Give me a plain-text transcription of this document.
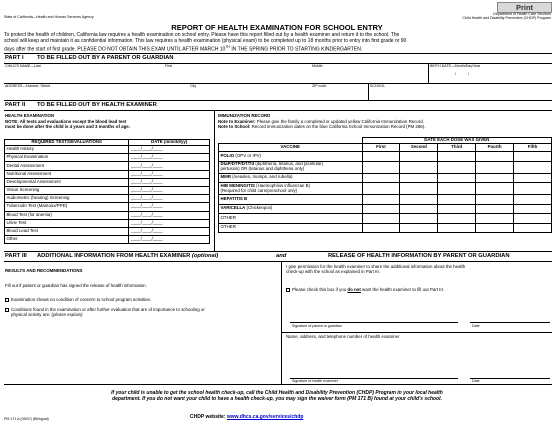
Print
State of California—Health and Human Services Agency
Department of Health Care Services
Child Health and Disability Prevention (CHDP) Program
REPORT OF HEALTH EXAMINATION FOR SCHOOL ENTRY
To protect the health of children, California law requires a health examination on school entry. Please have this report filled out by a health examiner and return it to the school. The
school will keep and maintain it as confidential information. This law requires a health examination (physical exam) to be completed up to 18 months prior to entry into first grade or 90
days after the start of first grade. PLEASE DO NOT OBTAIN THIS EXAM UNTIL AFTER MARCH 10TH IN THE SPRING PRIOR TO STARTING KINDERGARTEN.
PART I TO BE FILLED OUT BY A PARENT OR GUARDIAN
CHILD'S NAME—Last	First	Middle	BIRTH DATE—Month/Day/Year
/	/
ADDRESS—Number, Street	City	ZIP code	SCHOOL
PART II TO BE FILLED OUT BY HEALTH EXAMINER
HEALTH EXAMINATION
NOTE: All tests and evaluations except the blood lead test
must be done after the child is 4 years and 3 months of age.
REQUIRED TESTS/EVALUATIONS	DATE (mm/dd/yy)
Health History	____/____/____
Physical Examination	____/____/____
Dental Assessment	____/____/____
Nutritional Assessment	____/____/____
Developmental Assessment	____/____/____
Vision Screening	____/____/____
Audiometric (hearing) Screening	____/____/____
Tuberculin Test (Mantoux/PPD)	____/____/____
Blood Test (for anemia)	____/____/____
Urine Test	____/____/____
Blood Lead Test	____/____/____
Other	____/____/____
IMMUNIZATION RECORD
Note to Examiner: Please give the family a completed or updated yellow California Immunization Record.
Note to School: Record immunization dates on the blue California School Immunization Record (PM 286).
	DATE EACH DOSE WAS GIVEN				
VACCINE	First	Second	Third	Fourth	Fifth
POLIO (OPV or IPV)					
DtaP/DTP/DT/Td (diphtheria, tetanus, and [acellular]
pertussis) OR (tetanus and diphtheria only)					

MMR (measles, mumps, and rubella)					
HIB MENINGITIS (Haemophilus influenzae B)
(Required for child care/preschool only)					

HEPATITIS B					
VARICELLA (Chickenpox)					
OTHER					
OTHER					
PART III ADDITIONAL INFORMATION FROM HEALTH EXAMINER (optional)	and	RELEASE OF HEALTH INFORMATION BY PARENT OR GUARDIAN
RESULTS AND RECOMMENDATIONS
Fill out if patient or guardian has signed the release of health information.
Examination shows no condition of concern to school program activities.
Conditions found in the examination or after further evaluation that are of importance to schooling or
physical activity are: (please explain)
I give permission for the health examiner to share the additional information about the health
check-up with the school as explained in Part III.
Please check this box if you do not want the health examiner to fill out Part III.
Signature of parent or guardian	Date
Name, address, and telephone number of health examiner
Signature of health examiner	Date
If your child is unable to get the school health check-up, call the Child Health and Disability Prevention (CHDP) Program in your local health
department. If you do not want your child to have a health check-up, you may sign the waiver form (PM 171 B) found at your child's school.
PM 171 A (09/07) (Bilingual)	CHDP website: www.dhcs.ca.gov/services/chdp
